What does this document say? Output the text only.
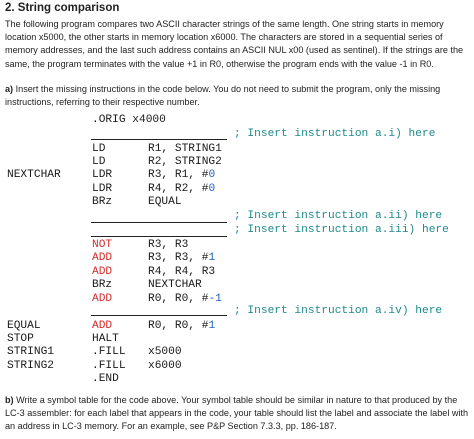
2. String comparison
The following program compares two ASCII character strings of the same length. One string starts in memory location x5000, the other starts in memory location x6000. The characters are stored in a sequential series of memory addresses, and the last such address contains an ASCII NUL x00 (used as sentinel). If the strings are the same, the program terminates with the value +1 in R0, otherwise the program ends with the value -1 in R0.
a) Insert the missing instructions in the code below. You do not need to submit the program, only the missing instructions, referring to their respective number.
.ORIG x4000
; Insert instruction a.i) here
LD	R1, STRING1
LD	R2, STRING2
NEXTCHAR	LDR	R3, R1, #0
LDR	R4, R2, #0
BRz	EQUAL
; Insert instruction a.ii) here
; Insert instruction a.iii) here
NOT	R3, R3
ADD	R3, R3, #1
ADD	R4, R4, R3
BRz	NEXTCHAR
ADD	R0, R0, #-1
; Insert instruction a.iv) here
EQUAL	ADD	R0, R0, #1
STOP	HALT
STRING1	.FILL x5000
STRING2	.FILL x6000
.END
b) Write a symbol table for the code above. Your symbol table should be similar in nature to that produced by the LC-3 assembler: for each label that appears in the code, your table should list the label and associate the label with an address in LC-3 memory. For an example, see P&P Section 7.3.3, pp. 186-187.
